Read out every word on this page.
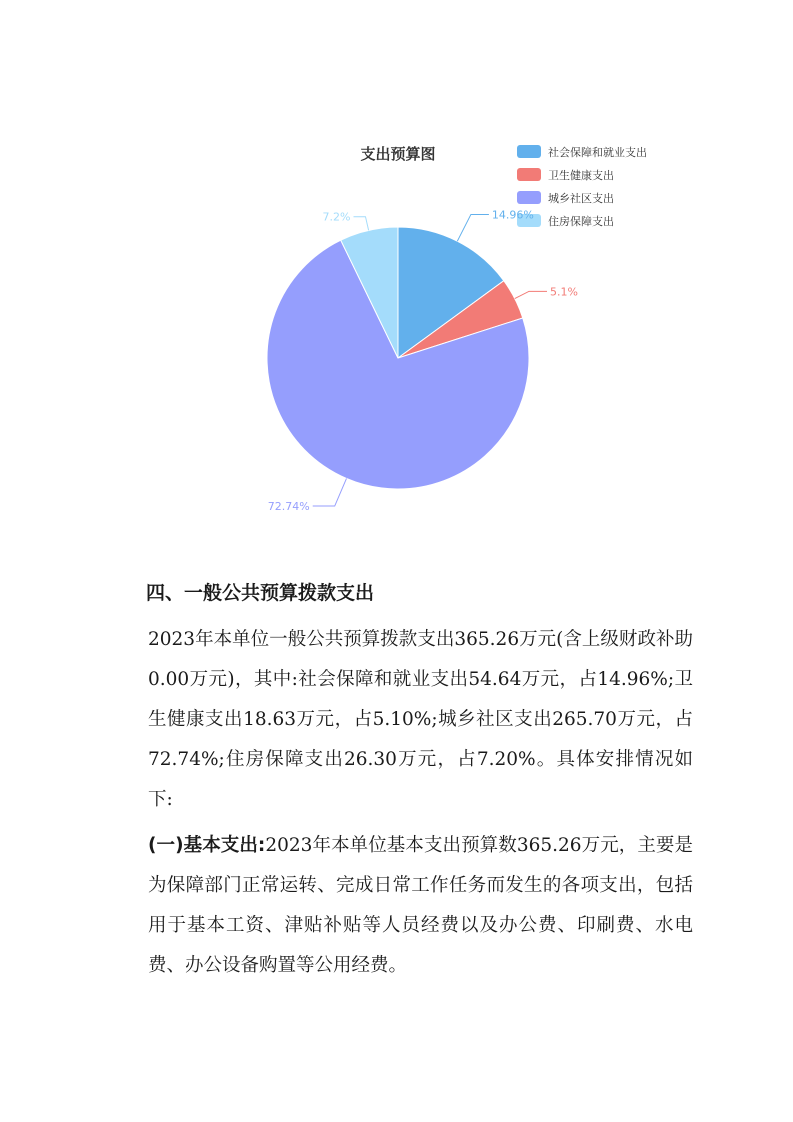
支出预算图	社会保障和就业支出
卫生健康支出
城乡社区支出
住房保障支出
14.96%
5.1%
72.74%
7.2%
四、一般公共预算拨款支出

2023年本单位一般公共预算拨款支出365.26万元(含上级财政补助0.00万元)，其中:社会保障和就业支出54.64万元，占14.96%;卫生健康支出18.63万元，占5.10%;城乡社区支出265.70万元，占72.74%;住房保障支出26.30万元，占7.20%。具体安排情况如下:

(一)基本支出:2023年本单位基本支出预算数365.26万元，主要是为保障部门正常运转、完成日常工作任务而发生的各项支出，包括用于基本工资、津贴补贴等人员经费以及办公费、印刷费、水电费、办公设备购置等公用经费。
